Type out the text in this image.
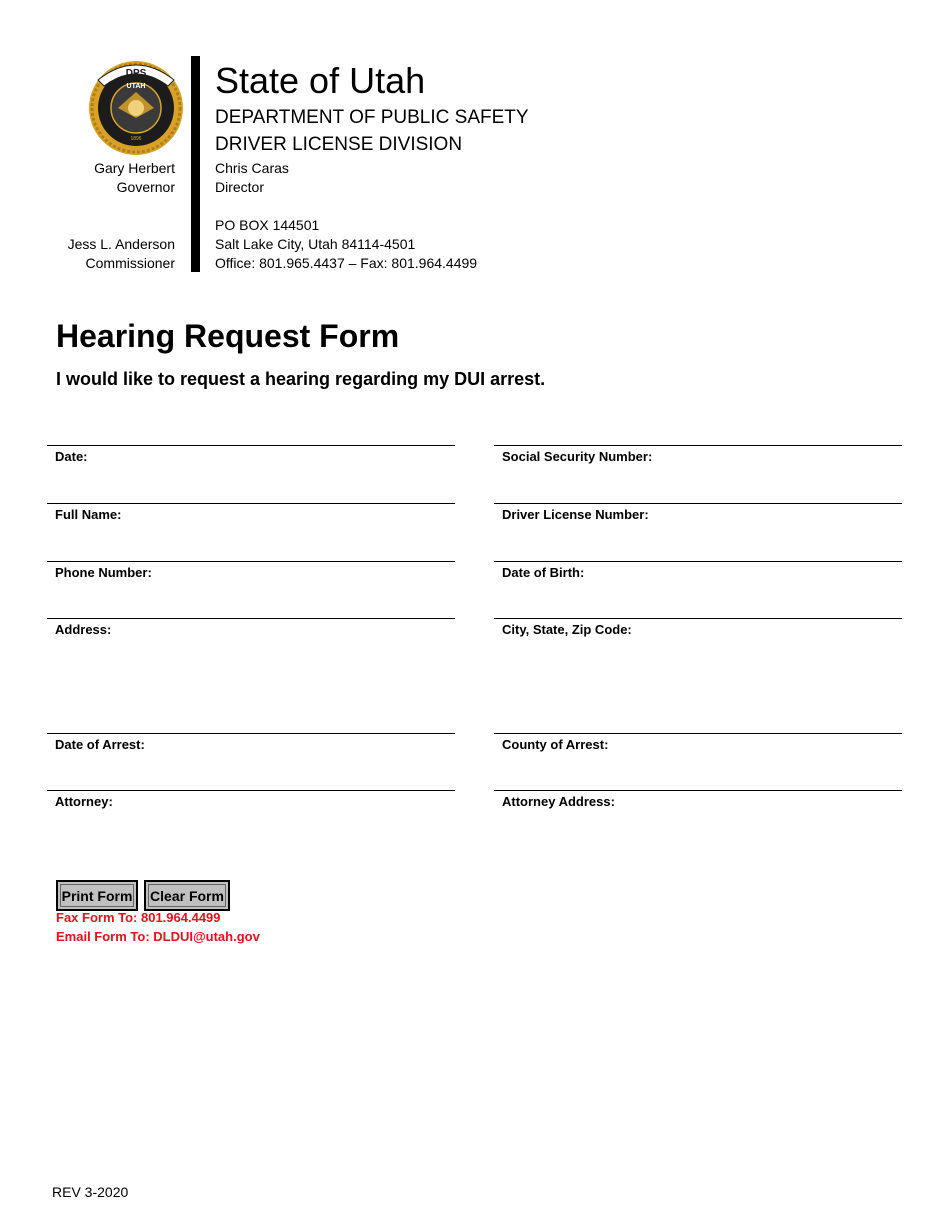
DPS
UTAH
1896
Gary Herbert
Governor
Jess L. Anderson
Commissioner
State of Utah
DEPARTMENT OF PUBLIC SAFETY
DRIVER LICENSE DIVISION
Chris Caras
Director
PO BOX 144501
Salt Lake City, Utah 84114-4501
Office: 801.965.4437 – Fax: 801.964.4499
Hearing Request Form
I would like to request a hearing regarding my DUI arrest.
Date:
Full Name:
Phone Number:
Address:
Date of Arrest:
Attorney:
Social Security Number:
Driver License Number:
Date of Birth:
City, State, Zip Code:
County of Arrest:
Attorney Address:
Print Form	Clear Form
Fax Form To: 801.964.4499
Email Form To: DLDUI@utah.gov
REV 3-2020
